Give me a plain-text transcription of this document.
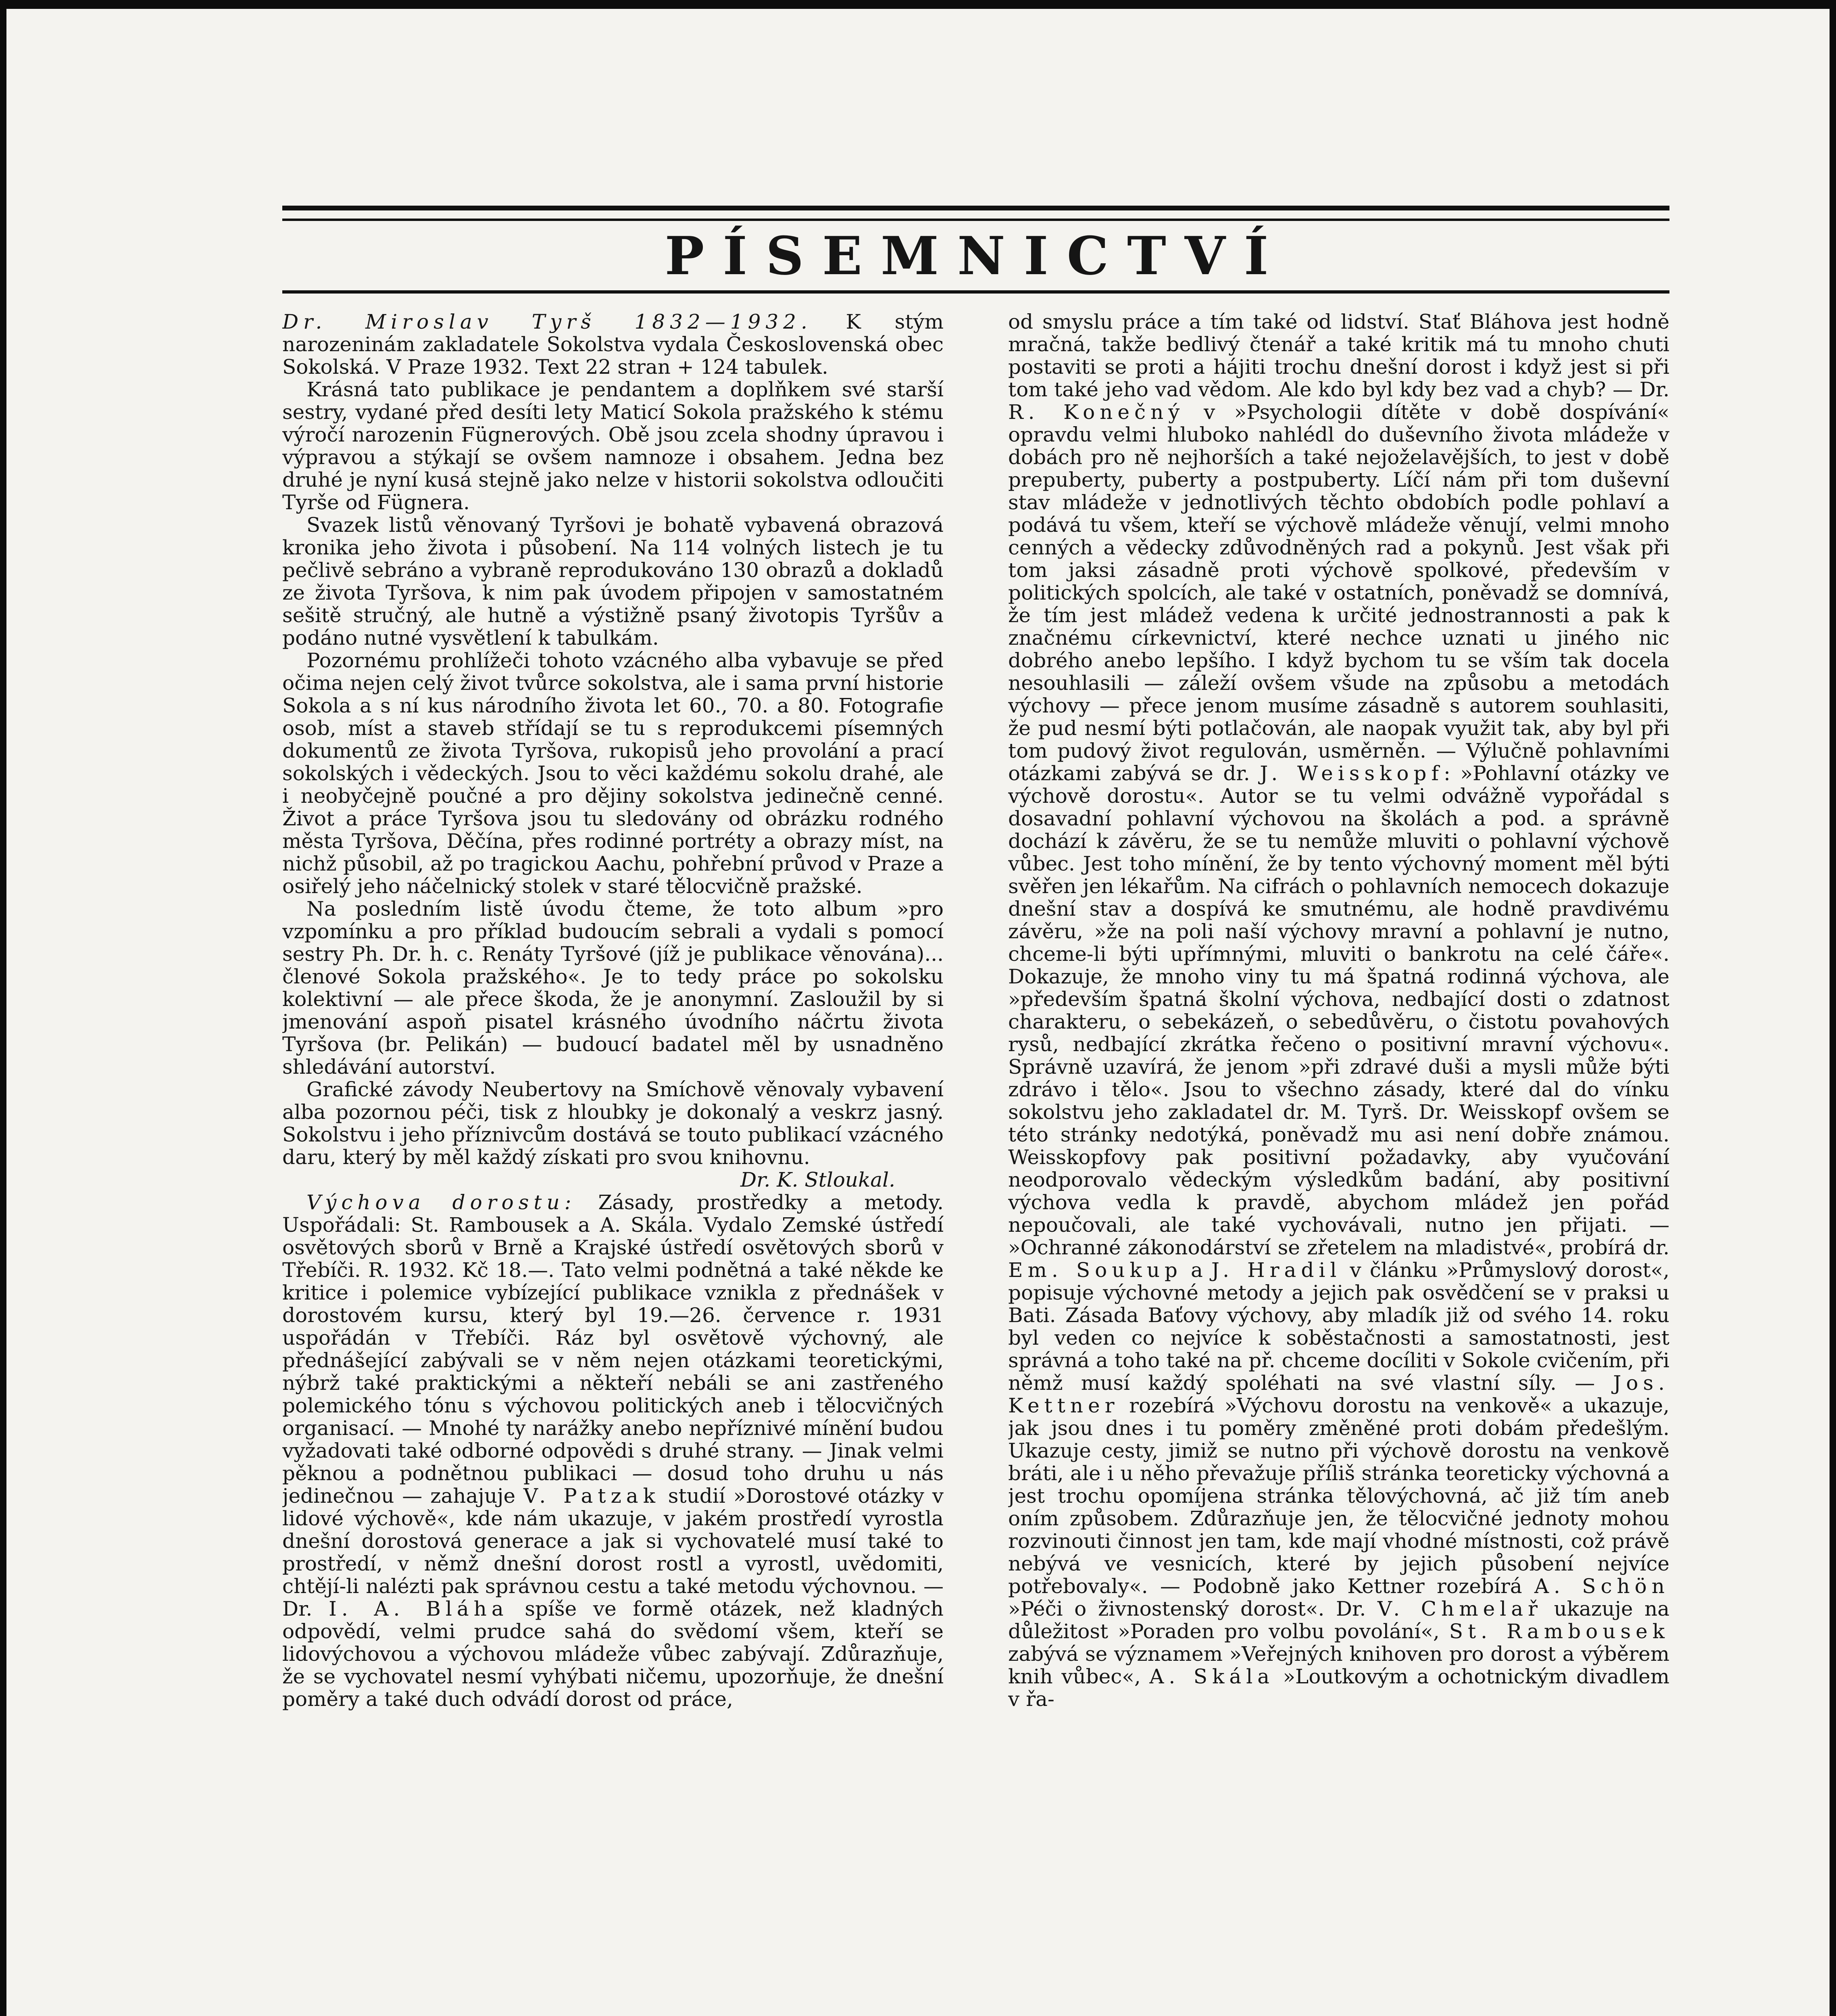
PÍSEMNICTVÍ

Dr. Miroslav Tyrš 1832—1932. K stým narozeninám zakladatele Sokolstva vydala Československá obec Sokolská. V Praze 1932. Text 22 stran + 124 tabulek.

Krásná tato publikace je pendantem a doplňkem své starší sestry, vydané před desíti lety Maticí Sokola pražského k stému výročí narozenin Fügnerových. Obě jsou zcela shodny úpravou i výpravou a stýkají se ovšem namnoze i obsahem. Jedna bez druhé je nyní kusá stejně jako nelze v historii sokolstva odloučiti Tyrše od Fügnera.

Svazek listů věnovaný Tyršovi je bohatě vybavená obrazová kronika jeho života i působení. Na 114 volných listech je tu pečlivě sebráno a vybraně reprodukováno 130 obrazů a dokladů ze života Tyršova, k nim pak úvodem připojen v samostatném sešitě stručný, ale hutně a výstižně psaný životopis Tyršův a podáno nutné vysvětlení k tabulkám.

Pozornému prohlížeči tohoto vzácného alba vybavuje se před očima nejen celý život tvůrce sokolstva, ale i sama první historie Sokola a s ní kus národního života let 60., 70. a 80. Fotografie osob, míst a staveb střídají se tu s reprodukcemi písemných dokumentů ze života Tyršova, rukopisů jeho provolání a prací sokolských i vědeckých. Jsou to věci každému sokolu drahé, ale i neobyčejně poučné a pro dějiny sokolstva jedinečně cenné. Život a práce Tyršova jsou tu sledovány od obrázku rodného města Tyršova, Děčína, přes rodinné portréty a obrazy míst, na nichž působil, až po tragickou Aachu, pohřební průvod v Praze a osiřelý jeho náčelnický stolek v staré tělocvičně pražské.

Na posledním listě úvodu čteme, že toto album »pro vzpomínku a pro příklad budoucím sebrali a vydali s pomocí sestry Ph. Dr. h. c. Renáty Tyršové (jíž je publikace věnována)... členové Sokola pražského«. Je to tedy práce po sokolsku kolektivní — ale přece škoda, že je anonymní. Zasloužil by si jmenování aspoň pisatel krásného úvodního náčrtu života Tyršova (br. Pelikán) — budoucí badatel měl by usnadněno shledávání autorství.

Grafické závody Neubertovy na Smíchově věnovaly vybavení alba pozornou péči, tisk z hloubky je dokonalý a veskrz jasný. Sokolstvu i jeho příznivcům dostává se touto publikací vzácného daru, který by měl každý získati pro svou knihovnu.

Dr. K. Stloukal.

Výchova dorostu: Zásady, prostředky a metody. Uspořádali: St. Rambousek a A. Skála. Vydalo Zemské ústředí osvětových sborů v Brně a Krajské ústředí osvětových sborů v Třebíči. R. 1932. Kč 18.—. Tato velmi podnětná a také někde ke kritice i polemice vybízející publikace vznikla z přednášek v dorostovém kursu, který byl 19.—26. července r. 1931 uspořádán v Třebíči. Ráz byl osvětově výchovný, ale přednášející zabývali se v něm nejen otázkami teoretickými, nýbrž také praktickými a někteří nebáli se ani zastřeného polemického tónu s výchovou politických aneb i tělocvičných organisací. — Mnohé ty narážky anebo nepříznivé mínění budou vyžadovati také odborné odpovědi s druhé strany. — Jinak velmi pěknou a podnětnou publikaci — dosud toho druhu u nás jedinečnou — zahajuje V. Patzak studií »Dorostové otázky v lidové výchově«, kde nám ukazuje, v jakém prostředí vyrostla dnešní dorostová generace a jak si vychovatelé musí také to prostředí, v němž dnešní dorost rostl a vyrostl, uvědomiti, chtějí-li nalézti pak správnou cestu a také metodu výchovnou. — Dr. I. A. Bláha spíše ve formě otázek, než kladných odpovědí, velmi prudce sahá do svědomí všem, kteří se lidovýchovou a výchovou mládeže vůbec zabývají. Zdůrazňuje, že se vychovatel nesmí vyhýbati ničemu, upozorňuje, že dnešní poměry a také duch odvádí dorost od práce,

od smyslu práce a tím také od lidství. Stať Bláhova jest hodně mračná, takže bedlivý čtenář a také kritik má tu mnoho chuti postaviti se proti a hájiti trochu dnešní dorost i když jest si při tom také jeho vad vědom. Ale kdo byl kdy bez vad a chyb? — Dr. R. Konečný v »Psychologii dítěte v době dospívání« opravdu velmi hluboko nahlédl do duševního života mládeže v dobách pro ně nejhorších a také nejoželavějších, to jest v době prepuberty, puberty a postpuberty. Líčí nám při tom duševní stav mládeže v jednotlivých těchto obdobích podle pohlaví a podává tu všem, kteří se výchově mládeže věnují, velmi mnoho cenných a vědecky zdůvodněných rad a pokynů. Jest však při tom jaksi zásadně proti výchově spolkové, především v politických spolcích, ale také v ostatních, poněvadž se domnívá, že tím jest mládež vedena k určité jednostrannosti a pak k značnému církevnictví, které nechce uznati u jiného nic dobrého anebo lepšího. I když bychom tu se vším tak docela nesouhlasili — záleží ovšem všude na způsobu a metodách výchovy — přece jenom musíme zásadně s autorem souhlasiti, že pud nesmí býti potlačován, ale naopak využit tak, aby byl při tom pudový život regulován, usměrněn. — Výlučně pohlavními otázkami zabývá se dr. J. Weisskopf: »Pohlavní otázky ve výchově dorostu«. Autor se tu velmi odvážně vypořádal s dosavadní pohlavní výchovou na školách a pod. a správně dochází k závěru, že se tu nemůže mluviti o pohlavní výchově vůbec. Jest toho mínění, že by tento výchovný moment měl býti svěřen jen lékařům. Na cifrách o pohlavních nemocech dokazuje dnešní stav a dospívá ke smutnému, ale hodně pravdivému závěru, »že na poli naší výchovy mravní a pohlavní je nutno, chceme-li býti upřímnými, mluviti o bankrotu na celé čáře«. Dokazuje, že mnoho viny tu má špatná rodinná výchova, ale »především špatná školní výchova, nedbající dosti o zdatnost charakteru, o sebekázeň, o sebedůvěru, o čistotu povahových rysů, nedbající zkrátka řečeno o positivní mravní výchovu«. Správně uzavírá, že jenom »při zdravé duši a mysli může býti zdrávo i tělo«. Jsou to všechno zásady, které dal do vínku sokolstvu jeho zakladatel dr. M. Tyrš. Dr. Weisskopf ovšem se této stránky nedotýká, poněvadž mu asi není dobře známou. Weisskopfovy pak positivní požadavky, aby vyučování neodporovalo vědeckým výsledkům badání, aby positivní výchova vedla k pravdě, abychom mládež jen pořád nepoučovali, ale také vychovávali, nutno jen přijati. — »Ochranné zákonodárství se zřetelem na mladistvé«, probírá dr. Em. Soukup a J. Hradil v článku »Průmyslový dorost«, popisuje výchovné metody a jejich pak osvědčení se v praksi u Bati. Zásada Baťovy výchovy, aby mladík již od svého 14. roku byl veden co nejvíce k soběstačnosti a samostatnosti, jest správná a toho také na př. chceme docíliti v Sokole cvičením, při němž musí každý spoléhati na své vlastní síly. — Jos. Kettner rozebírá »Výchovu dorostu na venkově« a ukazuje, jak jsou dnes i tu poměry změněné proti dobám předešlým. Ukazuje cesty, jimiž se nutno při výchově dorostu na venkově bráti, ale i u něho převažuje příliš stránka teoreticky výchovná a jest trochu opomíjena stránka tělovýchovná, ač již tím aneb oním způsobem. Zdůrazňuje jen, že tělocvičné jednoty mohou rozvinouti činnost jen tam, kde mají vhodné místnosti, což právě nebývá ve vesnicích, které by jejich působení nejvíce potřebovaly«. — Podobně jako Kettner rozebírá A. Schön »Péči o živnostenský dorost«. Dr. V. Chmelař ukazuje na důležitost »Poraden pro volbu povolání«, St. Rambousek zabývá se významem »Veřejných knihoven pro dorost a výběrem knih vůbec«, A. Skála »Loutkovým a ochotnickým divadlem v řa-
